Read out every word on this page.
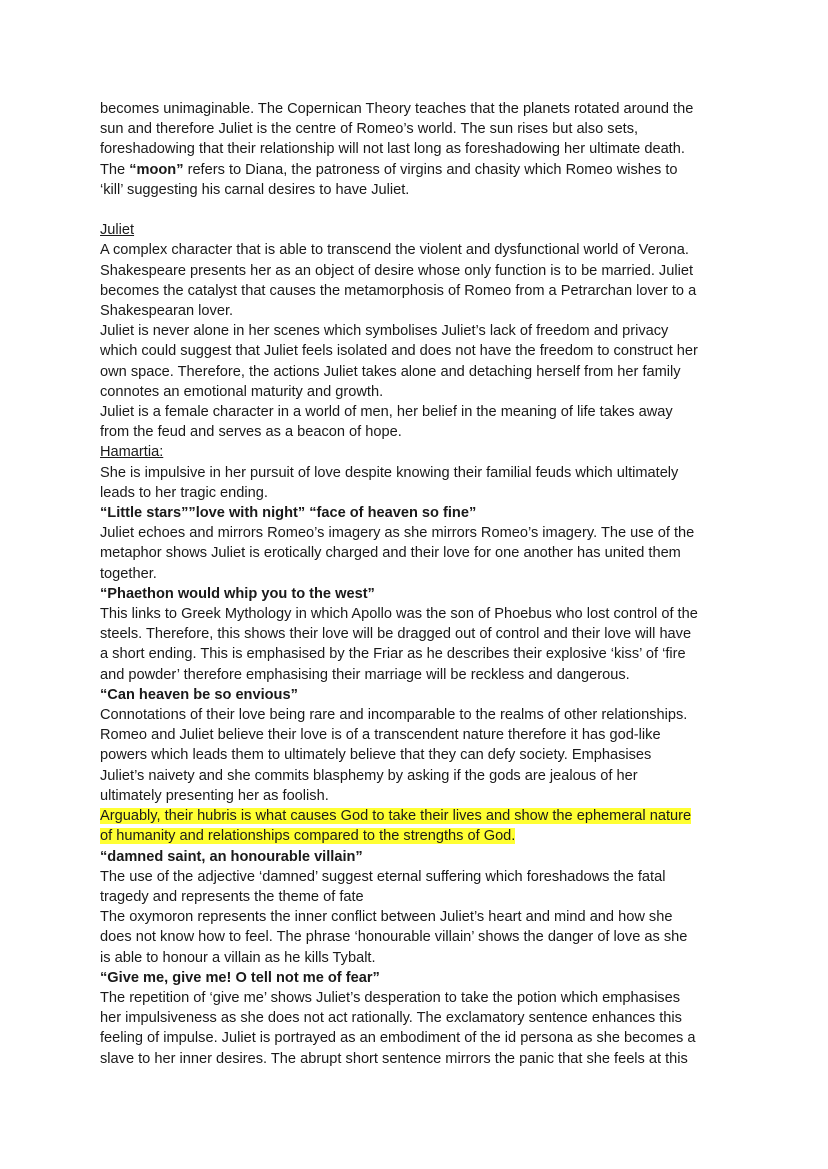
becomes unimaginable. The Copernican Theory teaches that the planets rotated around the
sun and therefore Juliet is the centre of Romeo’s world. The sun rises but also sets,
foreshadowing that their relationship will not last long as foreshadowing her ultimate death.
The “moon” refers to Diana, the patroness of virgins and chasity which Romeo wishes to
‘kill’ suggesting his carnal desires to have Juliet.
Juliet
A complex character that is able to transcend the violent and dysfunctional world of Verona.
Shakespeare presents her as an object of desire whose only function is to be married. Juliet
becomes the catalyst that causes the metamorphosis of Romeo from a Petrarchan lover to a
Shakespearan lover.
Juliet is never alone in her scenes which symbolises Juliet’s lack of freedom and privacy
which could suggest that Juliet feels isolated and does not have the freedom to construct her
own space. Therefore, the actions Juliet takes alone and detaching herself from her family
connotes an emotional maturity and growth.
Juliet is a female character in a world of men, her belief in the meaning of life takes away
from the feud and serves as a beacon of hope.
Hamartia:
She is impulsive in her pursuit of love despite knowing their familial feuds which ultimately
leads to her tragic ending.
“Little stars””love with night” “face of heaven so fine”
Juliet echoes and mirrors Romeo’s imagery as she mirrors Romeo’s imagery. The use of the
metaphor shows Juliet is erotically charged and their love for one another has united them
together.
“Phaethon would whip you to the west”
This links to Greek Mythology in which Apollo was the son of Phoebus who lost control of the
steels. Therefore, this shows their love will be dragged out of control and their love will have
a short ending. This is emphasised by the Friar as he describes their explosive ‘kiss’ of ‘fire
and powder’ therefore emphasising their marriage will be reckless and dangerous.
“Can heaven be so envious”
Connotations of their love being rare and incomparable to the realms of other relationships.
Romeo and Juliet believe their love is of a transcendent nature therefore it has god-like
powers which leads them to ultimately believe that they can defy society. Emphasises
Juliet’s naivety and she commits blasphemy by asking if the gods are jealous of her
ultimately presenting her as foolish.
Arguably, their hubris is what causes God to take their lives and show the ephemeral nature
of humanity and relationships compared to the strengths of God.
“damned saint, an honourable villain”
The use of the adjective ‘damned’ suggest eternal suffering which foreshadows the fatal
tragedy and represents the theme of fate
The oxymoron represents the inner conflict between Juliet’s heart and mind and how she
does not know how to feel. The phrase ‘honourable villain’ shows the danger of love as she
is able to honour a villain as he kills Tybalt.
“Give me, give me! O tell not me of fear”
The repetition of ‘give me’ shows Juliet’s desperation to take the potion which emphasises
her impulsiveness as she does not act rationally. The exclamatory sentence enhances this
feeling of impulse. Juliet is portrayed as an embodiment of the id persona as she becomes a
slave to her inner desires. The abrupt short sentence mirrors the panic that she feels at this
